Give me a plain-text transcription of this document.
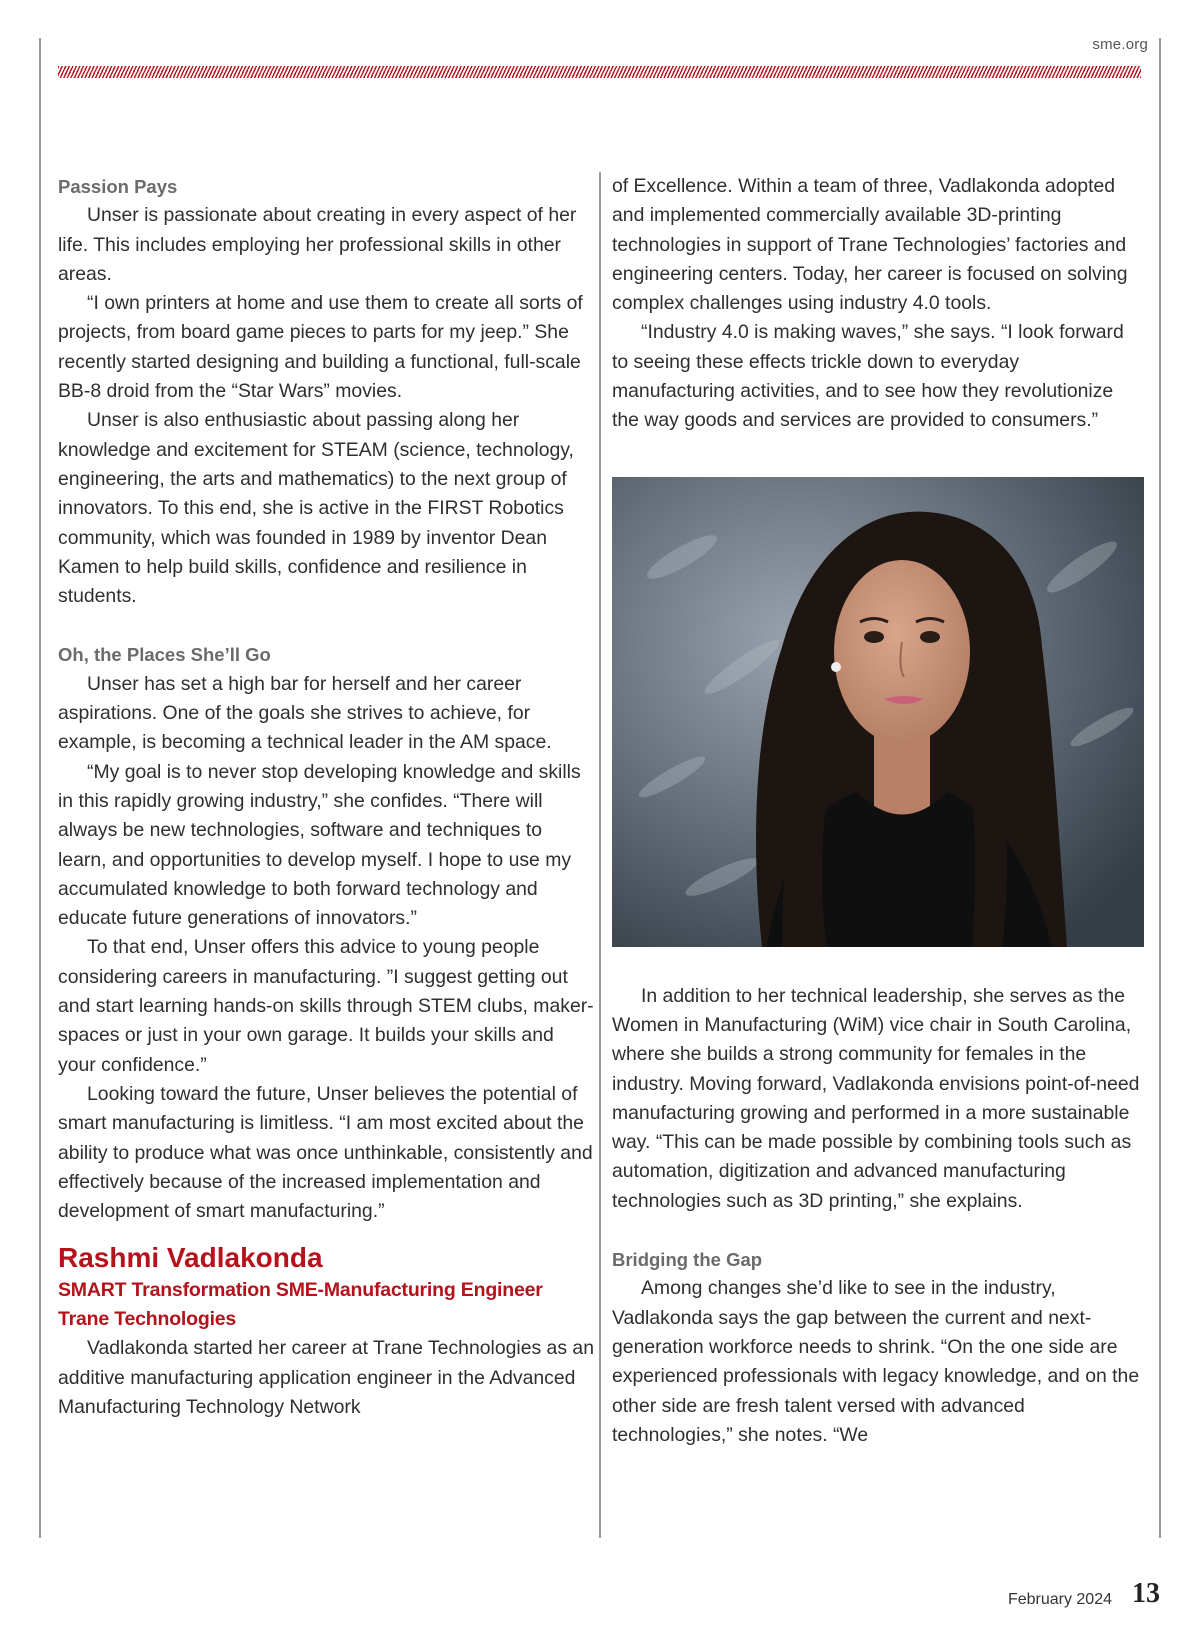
sme.org
Passion Pays

Unser is passionate about creating in every aspect of her life. This includes employing her professional skills in other areas.

“I own printers at home and use them to create all sorts of projects, from board game pieces to parts for my jeep.” She recently started designing and building a functional, full-scale BB-8 droid from the “Star Wars” movies.

Unser is also enthusiastic about passing along her knowledge and excitement for STEAM (science, technology, engineering, the arts and mathematics) to the next group of innovators. To this end, she is active in the FIRST Robotics community, which was founded in 1989 by inventor Dean Kamen to help build skills, confidence and resilience in students.

Oh, the Places She’ll Go

Unser has set a high bar for herself and her career aspirations. One of the goals she strives to achieve, for example, is becoming a technical leader in the AM space.

“My goal is to never stop developing knowledge and skills in this rapidly growing industry,” she confides. “There will always be new technologies, software and techniques to learn, and opportunities to develop myself. I hope to use my accumulated knowledge to both forward technology and educate future generations of innovators.”

To that end, Unser offers this advice to young people considering careers in manufacturing. ”I suggest getting out and start learning hands-on skills through STEM clubs, maker-spaces or just in your own garage. It builds your skills and your confidence.”

Looking toward the future, Unser believes the potential of smart manufacturing is limitless. “I am most excited about the ability to produce what was once unthinkable, consistently and effectively because of the increased implementation and development of smart manufacturing.”

Rashmi Vadlakonda
SMART Transformation SME-Manufacturing Engineer
Trane Technologies

Vadlakonda started her career at Trane Technologies as an additive manufacturing application engineer in the Advanced Manufacturing Technology Network

of Excellence. Within a team of three, Vadlakonda adopted and implemented commercially available 3D-printing technologies in support of Trane Technologies’ factories and engineering centers. Today, her career is focused on solving complex challenges using industry 4.0 tools.

“Industry 4.0 is making waves,” she says. “I look forward to seeing these effects trickle down to everyday manufacturing activities, and to see how they revolutionize the way goods and services are provided to consumers.”

In addition to her technical leadership, she serves as the Women in Manufacturing (WiM) vice chair in South Carolina, where she builds a strong community for females in the industry. Moving forward, Vadlakonda envisions point-of-need manufacturing growing and performed in a more sustainable way. “This can be made possible by combining tools such as automation, digitization and advanced manufacturing technologies such as 3D printing,” she explains.

Bridging the Gap

Among changes she’d like to see in the industry, Vadlakonda says the gap between the current and next-generation workforce needs to shrink. “On the one side are experienced professionals with legacy knowledge, and on the other side are fresh talent versed with advanced technologies,” she notes. “We

February 2024 13
